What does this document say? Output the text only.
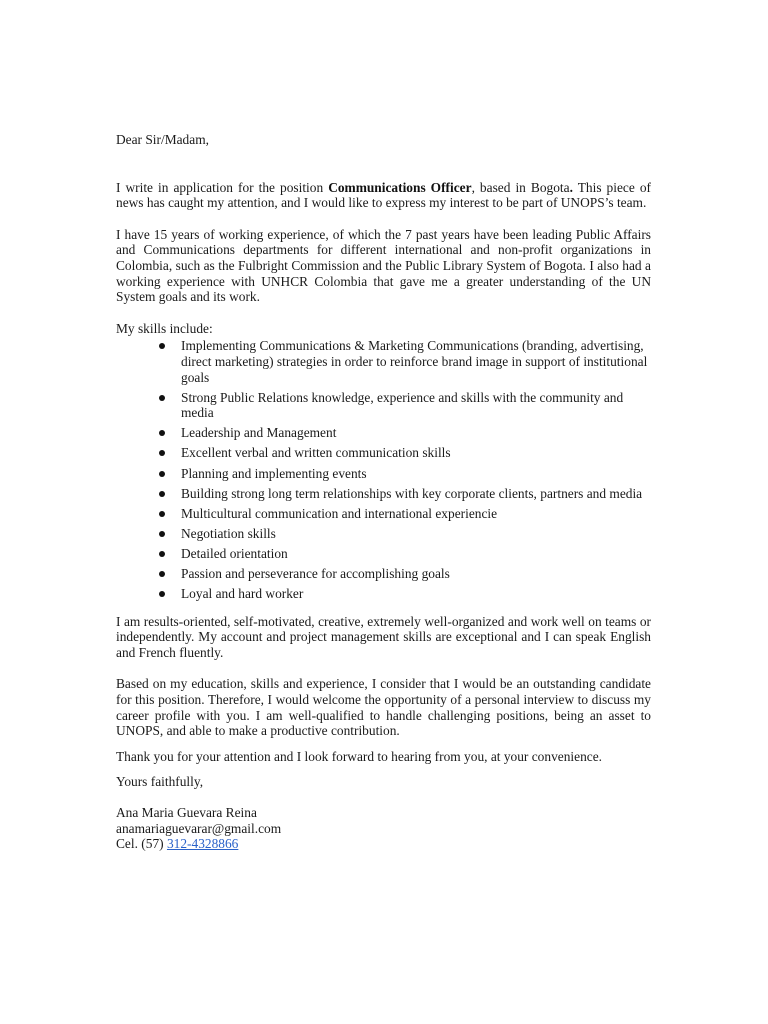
Dear Sir/Madam,

I write in application for the position Communications Officer, based in Bogota. This piece of news has caught my attention, and I would like to express my interest to be part of UNOPS’s team.

I have 15 years of working experience, of which the 7 past years have been leading Public Affairs and Communications departments for different international and non-profit organizations in Colombia, such as the Fulbright Commission and the Public Library System of Bogota. I also had a working experience with UNHCR Colombia that gave me a greater understanding of the UN System goals and its work.

My skills include:

Implementing Communications & Marketing Communications (branding, advertising, direct marketing) strategies in order to reinforce brand image in support of institutional goals
Strong Public Relations knowledge, experience and skills with the community and media
Leadership and Management
Excellent verbal and written communication skills
Planning and implementing events
Building strong long term relationships with key corporate clients, partners and media
Multicultural communication and international experiencie
Negotiation skills
Detailed orientation
Passion and perseverance for accomplishing goals
Loyal and hard worker

I am results-oriented, self-motivated, creative, extremely well-organized and work well on teams or independently. My account and project management skills are exceptional and I can speak English and French fluently.

Based on my education, skills and experience, I consider that I would be an outstanding candidate for this position. Therefore, I would welcome the opportunity of a personal interview to discuss my career profile with you. I am well-qualified to handle challenging positions, being an asset to UNOPS, and able to make a productive contribution.

Thank you for your attention and I look forward to hearing from you, at your convenience.

Yours faithfully,

Ana Maria Guevara Reina
anamariaguevarar@gmail.com
Cel. (57) 312-4328866
